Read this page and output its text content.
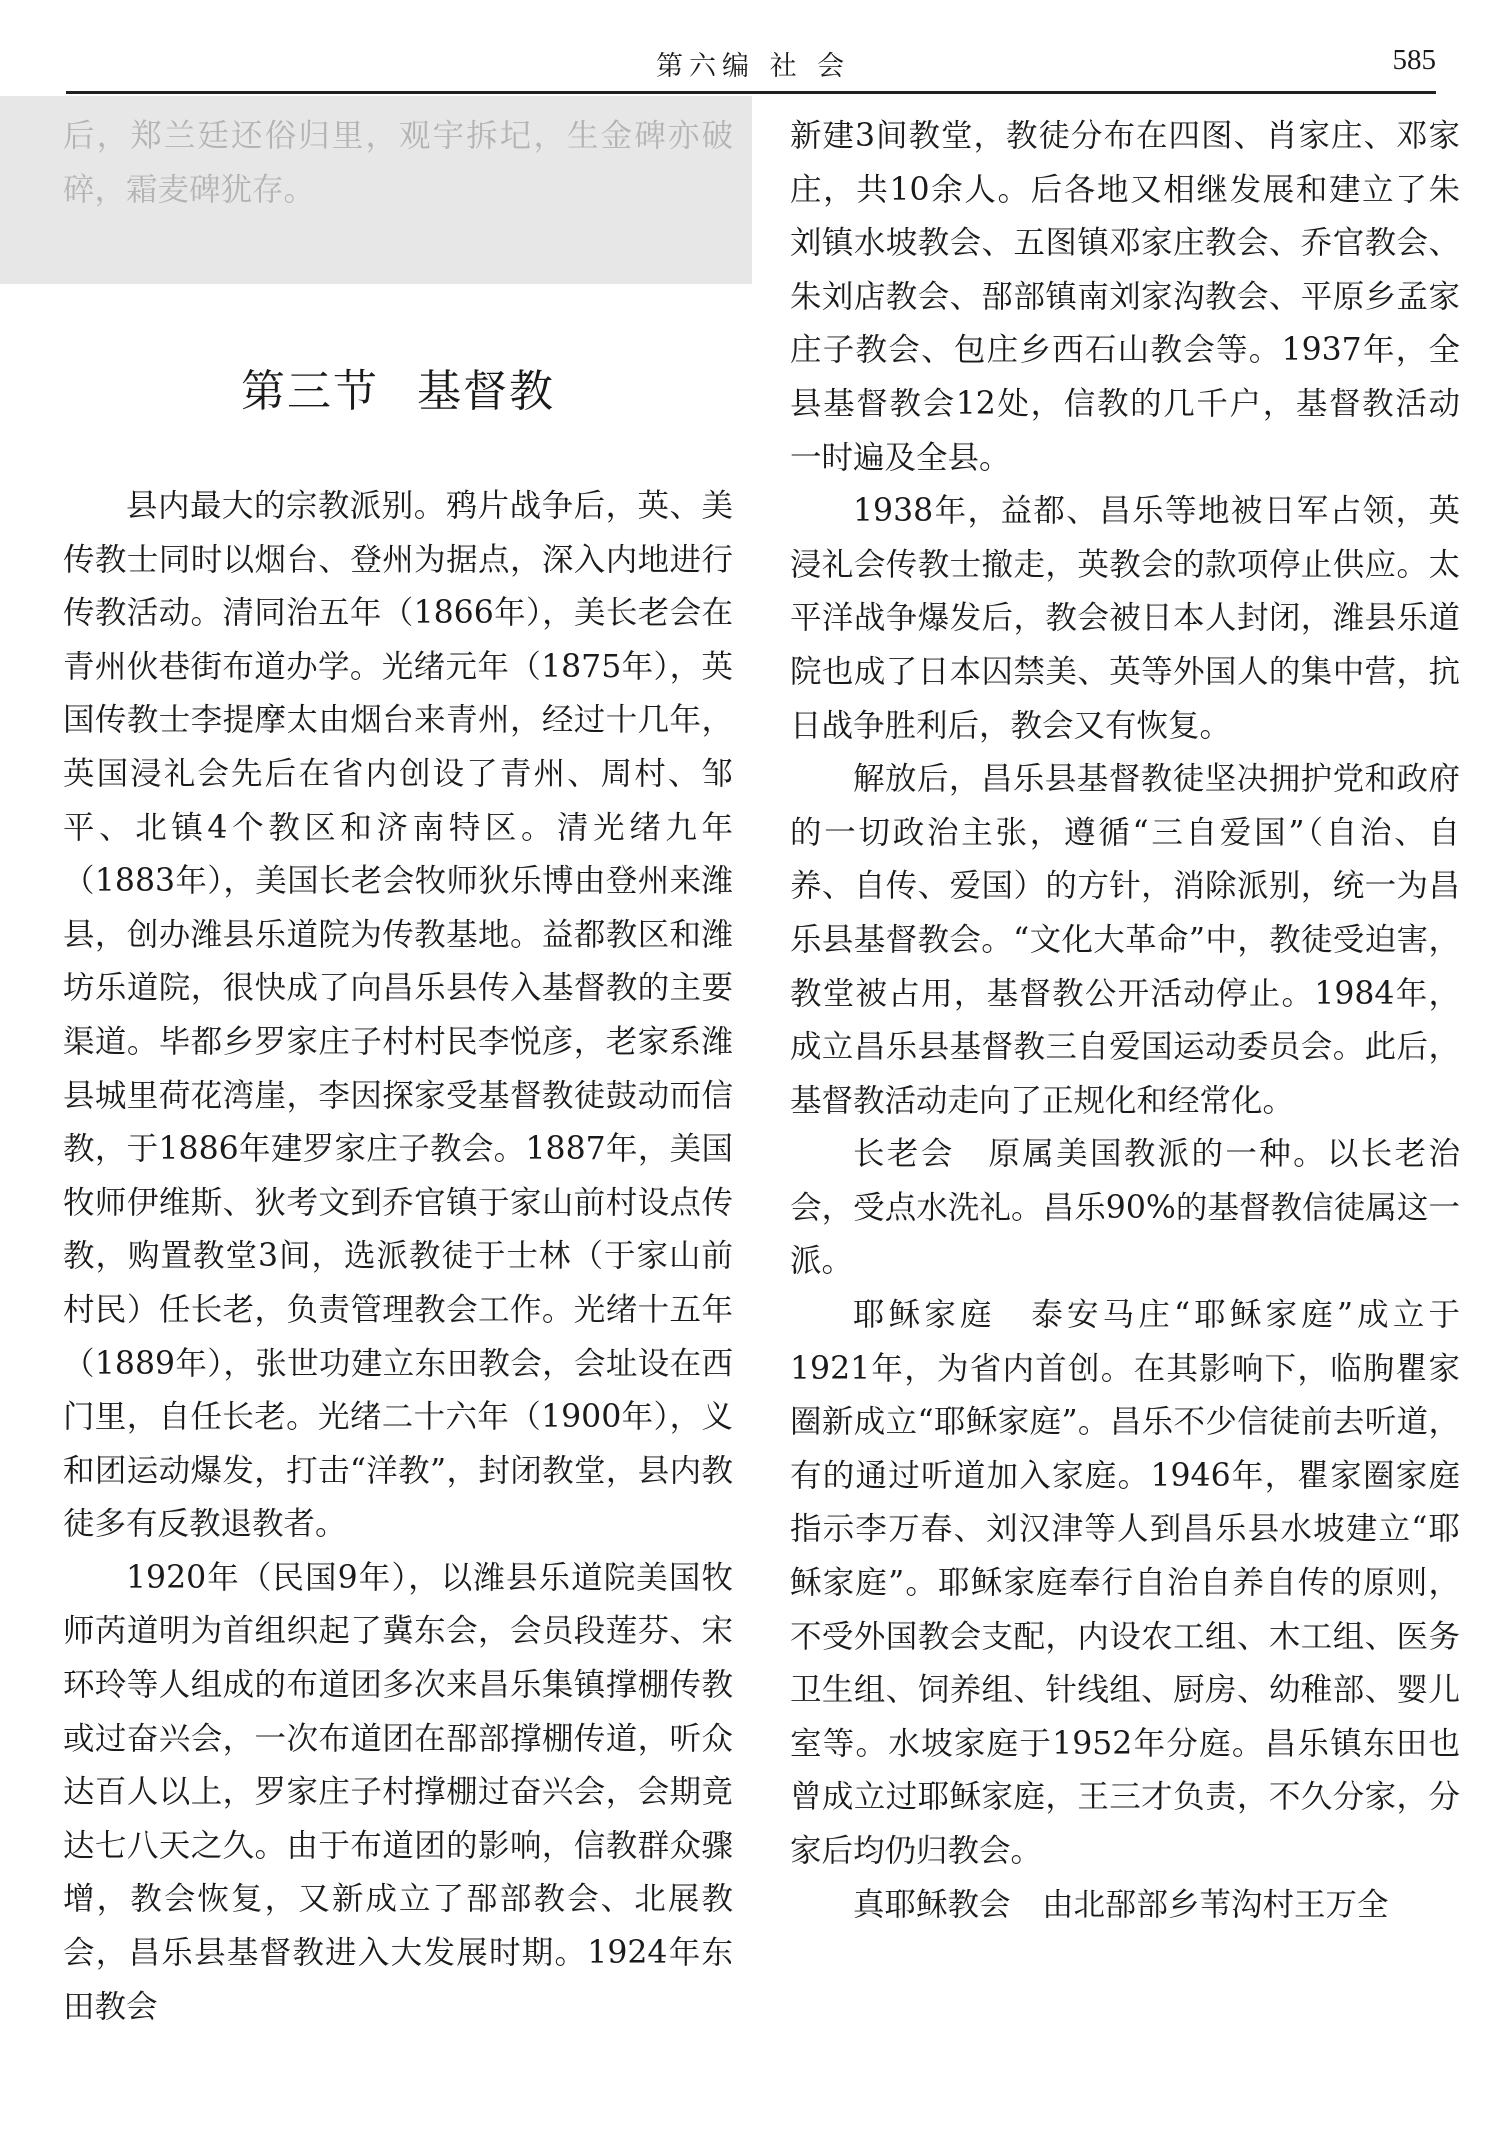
第六编 社 会	585

后，郑兰廷还俗归里，观宇拆圮，生金碑亦破碎，霜麦碑犹存。

第三节 基督教

县内最大的宗教派别。鸦片战争后，英、美传教士同时以烟台、登州为据点，深入内地进行传教活动。清同治五年（1866年），美长老会在青州伙巷街布道办学。光绪元年（1875年），英国传教士李提摩太由烟台来青州，经过十几年，英国浸礼会先后在省内创设了青州、周村、邹平、北镇4个教区和济南特区。清光绪九年（1883年），美国长老会牧师狄乐博由登州来潍县，创办潍县乐道院为传教基地。益都教区和潍坊乐道院，很快成了向昌乐县传入基督教的主要渠道。毕都乡罗家庄子村村民李悦彦，老家系潍县城里荷花湾崖，李因探家受基督教徒鼓动而信教，于1886年建罗家庄子教会。1887年，美国牧师伊维斯、狄考文到乔官镇于家山前村设点传教，购置教堂3间，选派教徒于士林（于家山前村民）任长老，负责管理教会工作。光绪十五年（1889年），张世功建立东田教会，会址设在西门里，自任长老。光绪二十六年（1900年），义和团运动爆发，打击“洋教”，封闭教堂，县内教徒多有反教退教者。

1920年（民国9年），以潍县乐道院美国牧师芮道明为首组织起了冀东会，会员段莲芬、宋环玲等人组成的布道团多次来昌乐集镇撑棚传教或过奋兴会，一次布道团在郚部撑棚传道，听众达百人以上，罗家庄子村撑棚过奋兴会，会期竟达七八天之久。由于布道团的影响，信教群众骤增，教会恢复，又新成立了郚部教会、北展教会，昌乐县基督教进入大发展时期。1924年东田教会

新建3间教堂，教徒分布在四图、肖家庄、邓家庄，共10余人。后各地又相继发展和建立了朱刘镇水坡教会、五图镇邓家庄教会、乔官教会、朱刘店教会、郚部镇南刘家沟教会、平原乡孟家庄子教会、包庄乡西石山教会等。1937年，全县基督教会12处，信教的几千户，基督教活动一时遍及全县。

1938年，益都、昌乐等地被日军占领，英浸礼会传教士撤走，英教会的款项停止供应。太平洋战争爆发后，教会被日本人封闭，潍县乐道院也成了日本囚禁美、英等外国人的集中营，抗日战争胜利后，教会又有恢复。

解放后，昌乐县基督教徒坚决拥护党和政府的一切政治主张，遵循“三自爱国”（自治、自养、自传、爱国）的方针，消除派别，统一为昌乐县基督教会。“文化大革命”中，教徒受迫害，教堂被占用，基督教公开活动停止。1984年，成立昌乐县基督教三自爱国运动委员会。此后，基督教活动走向了正规化和经常化。

长老会　 原属美国教派的一种。以长老治会，受点水洗礼。昌乐90%的基督教信徒属这一派。

耶稣家庭　 泰安马庄“耶稣家庭”成立于1921年，为省内首创。在其影响下，临朐瞿家圈新成立“耶稣家庭”。昌乐不少信徒前去听道，有的通过听道加入家庭。1946年，瞿家圈家庭指示李万春、刘汉津等人到昌乐县水坡建立“耶稣家庭”。耶稣家庭奉行自治自养自传的原则，不受外国教会支配，内设农工组、木工组、医务卫生组、饲养组、针线组、厨房、幼稚部、婴儿室等。水坡家庭于1952年分庭。昌乐镇东田也曾成立过耶稣家庭，王三才负责，不久分家，分家后均仍归教会。

真耶稣教会　 由北郚部乡苇沟村王万全
